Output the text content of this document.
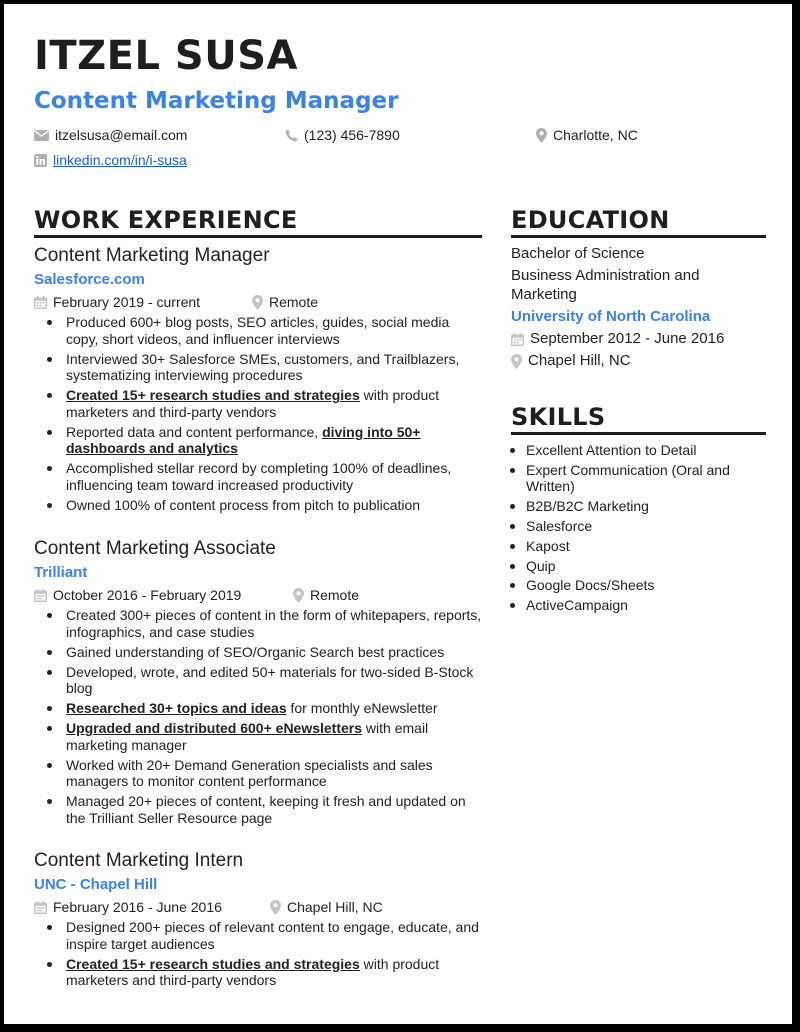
ITZEL SUSA
Content Marketing Manager
itzelsusa@email.com	(123) 456-7890	Charlotte, NC
linkedin.com/in/i-susa
WORK EXPERIENCE
Content Marketing Manager
Salesforce.com
February 2019 - current	Remote
Produced 600+ blog posts, SEO articles, guides, social media copy, short videos, and influencer interviews
Interviewed 30+ Salesforce SMEs, customers, and Trailblazers, systematizing interviewing procedures
Created 15+ research studies and strategies with product marketers and third-party vendors
Reported data and content performance, diving into 50+ dashboards and analytics
Accomplished stellar record by completing 100% of deadlines, influencing team toward increased productivity
Owned 100% of content process from pitch to publication
Content Marketing Associate
Trilliant
October 2016 - February 2019	Remote
Created 300+ pieces of content in the form of whitepapers, reports, infographics, and case studies
Gained understanding of SEO/Organic Search best practices
Developed, wrote, and edited 50+ materials for two-sided B-Stock blog
Researched 30+ topics and ideas for monthly eNewsletter
Upgraded and distributed 600+ eNewsletters with email marketing manager
Worked with 20+ Demand Generation specialists and sales managers to monitor content performance
Managed 20+ pieces of content, keeping it fresh and updated on the Trilliant Seller Resource page
Content Marketing Intern
UNC - Chapel Hill
February 2016 - June 2016	Chapel Hill, NC
Designed 200+ pieces of relevant content to engage, educate, and inspire target audiences
Created 15+ research studies and strategies with product marketers and third-party vendors
EDUCATION
Bachelor of Science
Business Administration and Marketing
University of North Carolina
September 2012 - June 2016
Chapel Hill, NC
SKILLS
Excellent Attention to Detail
Expert Communication (Oral and Written)
B2B/B2C Marketing
Salesforce
Kapost
Quip
Google Docs/Sheets
ActiveCampaign
